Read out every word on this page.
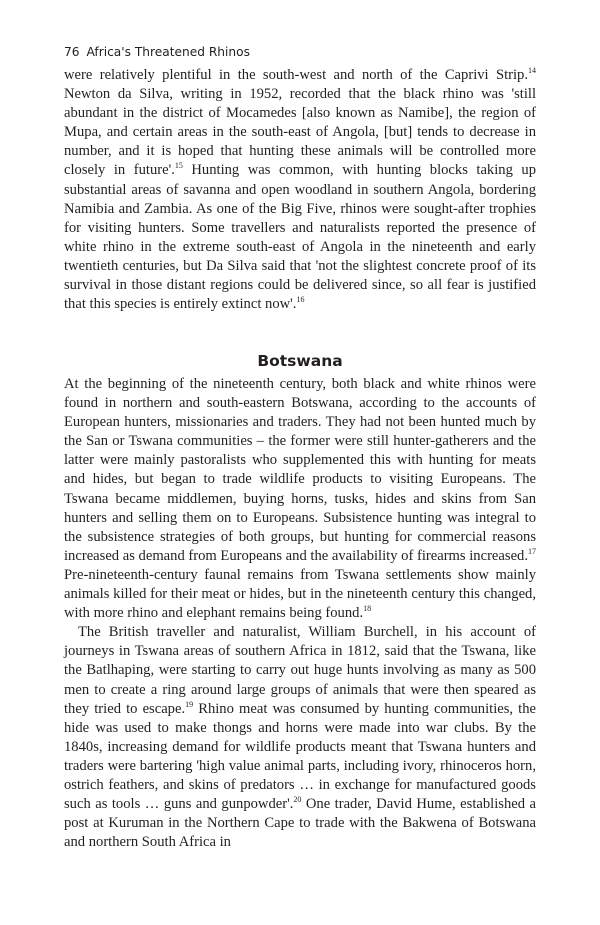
76 Africa's Threatened Rhinos

were relatively plentiful in the south-west and north of the Caprivi Strip.$^{14}$ Newton da Silva, writing in 1952, recorded that the black rhino was 'still abundant in the district of Mocamedes [also known as Namibe], the region of Mupa, and certain areas in the south-east of Angola, [but] tends to decrease in number, and it is hoped that hunting these animals will be controlled more closely in future'.$^{15}$ Hunting was common, with hunting blocks taking up substantial areas of savanna and open woodland in southern Angola, bordering Namibia and Zambia. As one of the Big Five, rhinos were sought-after trophies for visiting hunters. Some travellers and naturalists reported the presence of white rhino in the extreme south-east of Angola in the nineteenth and early twentieth centuries, but Da Silva said that 'not the slightest concrete proof of its survival in those distant regions could be delivered since, so all fear is justified that this species is entirely extinct now'.$^{16}$

Botswana

At the beginning of the nineteenth century, both black and white rhinos were found in northern and south-eastern Botswana, according to the accounts of European hunters, missionaries and traders. They had not been hunted much by the San or Tswana communities – the former were still hunter-gatherers and the latter were mainly pastoralists who supplemented this with hunting for meats and hides, but began to trade wildlife products to visiting Europeans. The Tswana became middlemen, buying horns, tusks, hides and skins from San hunters and selling them on to Europeans. Subsistence hunting was integral to the subsistence strategies of both groups, but hunting for commercial reasons increased as demand from Europeans and the availability of firearms increased.$^{17}$ Pre-nineteenth-century faunal remains from Tswana settlements show mainly animals killed for their meat or hides, but in the nineteenth century this changed, with more rhino and elephant remains being found.$^{18}$

The British traveller and naturalist, William Burchell, in his account of journeys in Tswana areas of southern Africa in 1812, said that the Tswana, like the Batlhaping, were starting to carry out huge hunts involving as many as 500 men to create a ring around large groups of animals that were then speared as they tried to escape.$^{19}$ Rhino meat was consumed by hunting communities, the hide was used to make thongs and horns were made into war clubs. By the 1840s, increasing demand for wildlife products meant that Tswana hunters and traders were bartering 'high value animal parts, including ivory, rhinoceros horn, ostrich feathers, and skins of predators … in exchange for manufactured goods such as tools … guns and gunpowder'.$^{20}$ One trader, David Hume, established a post at Kuruman in the Northern Cape to trade with the Bakwena of Botswana and northern South Africa in
